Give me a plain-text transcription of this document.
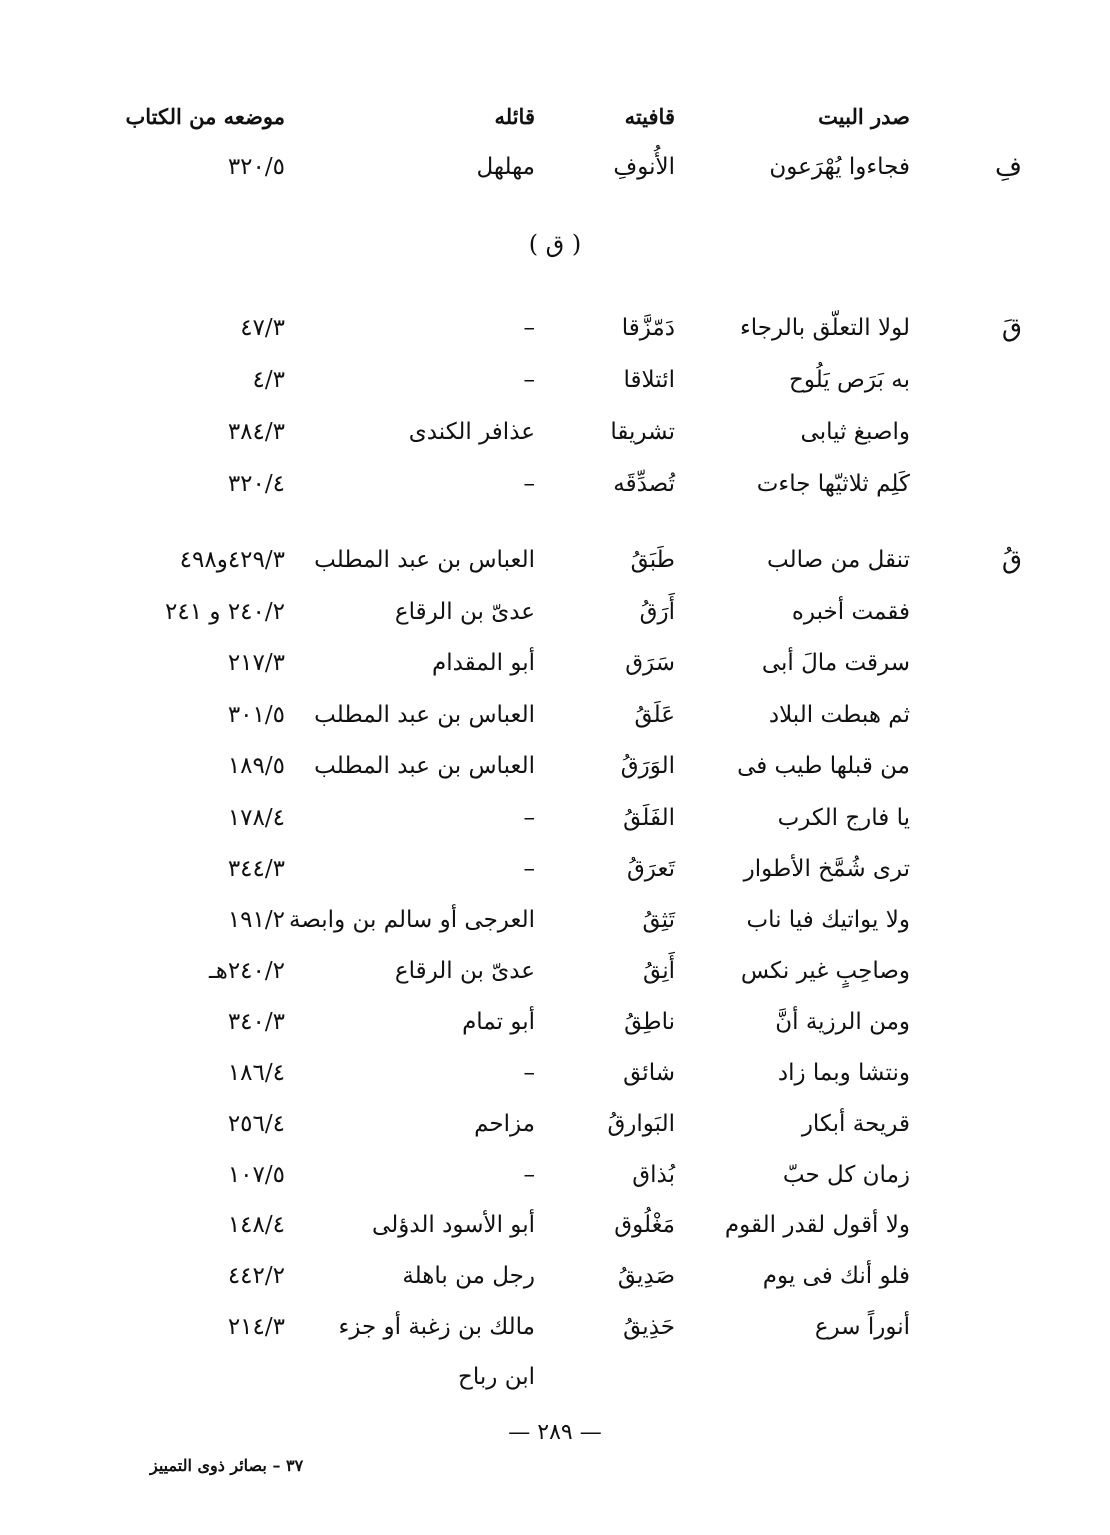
صدر البيت
قافيته
قائله
موضعه من الكتاب
فِ
فجاءوا يُهْرَعون
الأُنوفِ
مهلهل
٣٢٠/٥
( ق )
قَ
لولا التعلّق بالرجاء
دَمّزَّقا
–
٤٧/٣
به بَرَص يَلُوح
ائتلاقا
–
٤/٣
واصبغ ثيابى
تشريقا
عذافر الكندى
٣٨٤/٣
كَلِم ثلاثيّها جاءت
تُصدِّقَه
–
٣٢٠/٤
قُ
تنقل من صالب
طَبَقُ
العباس بن عبد المطلب
٤٢٩/٣و٤٩٨
فقمت أخبره
أَرَقُ
عدىّ بن الرقاع
٢٤٠/٢ و ٢٤١
سرقت مالَ أبى
سَرَق
أبو المقدام
٢١٧/٣
ثم هبطت البلاد
عَلَقُ
العباس بن عبد المطلب
٣٠١/٥
من قبلها طيب فى
الوَرَقُ
العباس بن عبد المطلب
١٨٩/٥
يا فارج الكرب
الفَلَقُ
–
١٧٨/٤
ترى شُمَّخ الأطوار
تَعرَقُ
–
٣٤٤/٣
ولا يواتيك فيا ناب
تَثِقُ
العرجى أو سالم بن وابصة
١٩١/٢
وصاحِبٍ غير نكس
أَنِقُ
عدىّ بن الرقاع
٢٤٠/٢هـ
ومن الرزية أنَّ
ناطِقُ
أبو تمام
٣٤٠/٣
ونتشا وبما زاد
شائق
–
١٨٦/٤
قريحة أبكار
البَوارقُ
مزاحم
٢٥٦/٤
زمان كل حبّ
بُذاق
–
١٠٧/٥
ولا أقول لقدر القوم
مَغْلُوق
أبو الأسود الدؤلى
١٤٨/٤
فلو أنك فى يوم
صَدِيقُ
رجل من باهلة
٤٤٢/٢
أنوراً سرع
حَذِيقُ
مالك بن زغبة أو جزء
٢١٤/٣
ابن رباح
— ٢٨٩ —
٣٧ – بصائر ذوى التمييز
